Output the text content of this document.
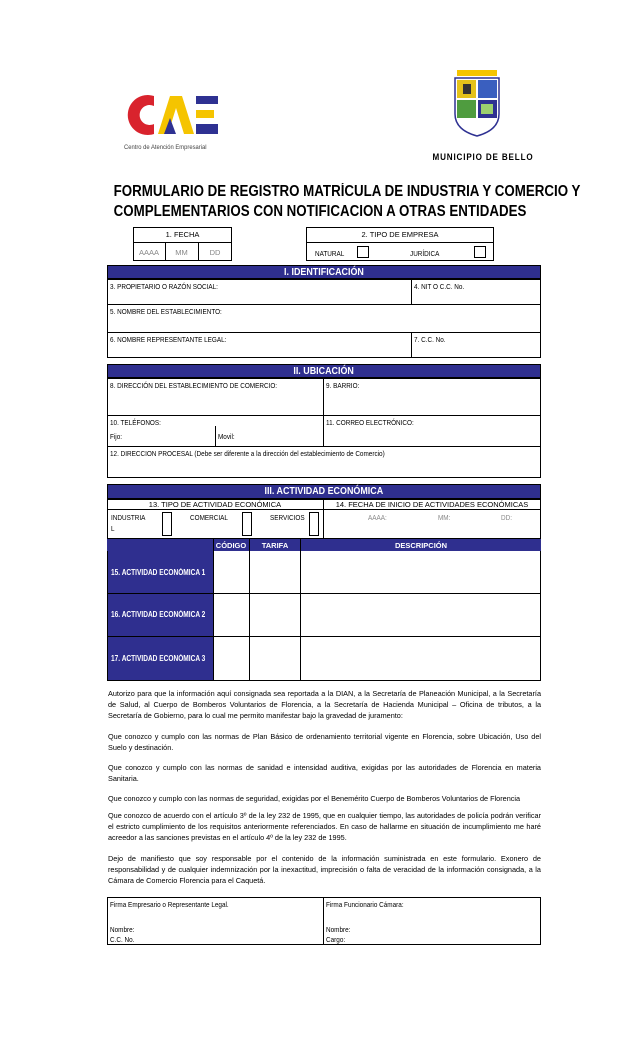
Centro de Atención Empresarial
MUNICIPIO DE BELLO
FORMULARIO DE REGISTRO MATRÍCULA DE INDUSTRIA Y COMERCIO Y
COMPLEMENTARIOS CON NOTIFICACION A OTRAS ENTIDADES
1. FECHA
AAAA	MM	DD
2. TIPO DE EMPRESA
NATURAL	JURÍDICA
I. IDENTIFICACIÓN
3. PROPIETARIO O RAZÓN SOCIAL:	4. NIT O C.C. No.
5. NOMBRE DEL ESTABLECIMIENTO:
6. NOMBRE REPRESENTANTE LEGAL:	7. C.C. No.
II. UBICACIÓN
8. DIRECCIÓN DEL ESTABLECIMIENTO DE COMERCIO:	9. BARRIO:
10. TELÉFONOS:
Fijo:	Movil:
11. CORREO ELECTRÓNICO:
12. DIRECCION PROCESAL (Debe ser diferente a la dirección del establecimiento de Comercio)
III. ACTIVIDAD ECONÓMICA
13. TIPO DE ACTIVIDAD ECONÓMICA	14. FECHA DE INICIO DE ACTIVIDADES ECONÓMICAS
INDUSTRIA
L
COMERCIAL	SERVICIOS	AAAA:	MM:	DD:
CÓDIGO	TARIFA	DESCRIPCIÓN
15. ACTIVIDAD ECONÓMICA 1
16. ACTIVIDAD ECONÓMICA 2
17. ACTIVIDAD ECONÓMICA 3
Autorizo para que la información aquí consignada sea reportada a la DIAN, a la Secretaría de Planeación Municipal, a la Secretaría de Salud, al Cuerpo de Bomberos Voluntarios de Florencia, a la Secretaría de Hacienda Municipal – Oficina de tributos, a la Secretaría de Gobierno, para lo cual me permito manifestar bajo la gravedad de juramento:
Que conozco y cumplo con las normas de Plan Básico de ordenamiento territorial vigente en Florencia, sobre Ubicación, Uso del Suelo y destinación.
Que conozco y cumplo con las normas de sanidad e intensidad auditiva, exigidas por las autoridades de Florencia en materia Sanitaria.
Que conozco y cumplo con las normas de seguridad, exigidas por el Benemérito Cuerpo de Bomberos Voluntarios de Florencia
Que conozco de acuerdo con el artículo 3º de la ley 232 de 1995, que en cualquier tiempo, las autoridades de policía podrán verificar el estricto cumplimiento de los requisitos anteriormente referenciados. En caso de hallarme en situación de incumplimiento me haré acreedor a las sanciones previstas en el artículo 4º de la ley 232 de 1995.
Dejo de manifiesto que soy responsable por el contenido de la información suministrada en este formulario. Exonero de responsabilidad y de cualquier indemnización por la inexactitud, imprecisión o falta de veracidad de la información consignada, a la Cámara de Comercio Florencia para el Caquetá.
Firma Empresario o Representante Legal.
Nombre:
C.C. No.
Firma Funcionario Cámara:
Nombre:
Cargo:
